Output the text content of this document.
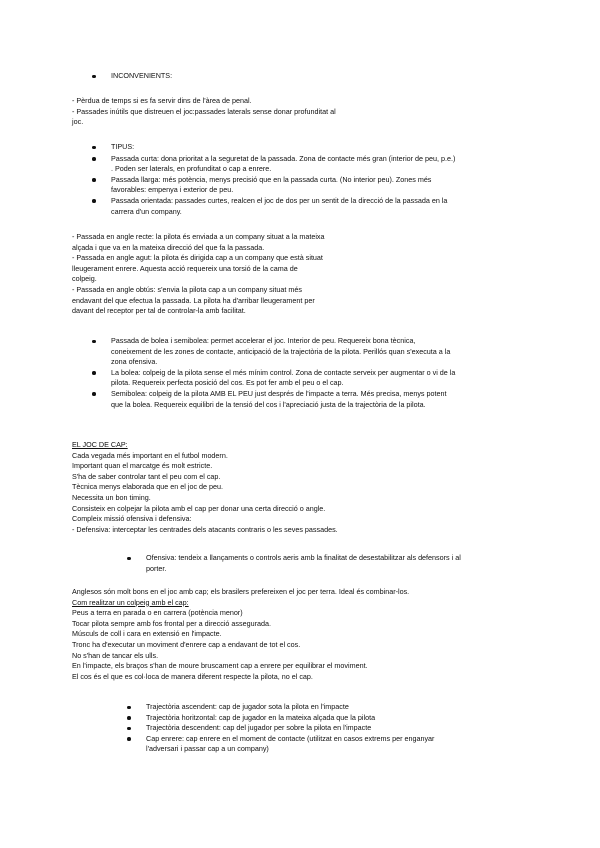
INCONVENIENTS:
- Pèrdua de temps si es fa servir dins de l'àrea de penal.
- Passades inútils que distreuen el joc:passades laterals sense donar profunditat al
joc.
TIPUS:
Passada curta: dona prioritat a la seguretat de la passada. Zona de contacte més gran (interior de peu, p.e.)
. Poden ser laterals, en profunditat o cap a enrere.
Passada llarga: més potència, menys precisió que en la passada curta. (No interior peu). Zones més
favorables: empenya i exterior de peu.
Passada orientada: passades curtes, realcen el joc de dos per un sentit de la direcció de la passada en la
carrera d'un company.
- Passada en angle recte: la pilota és enviada a un company situat a la mateixa
alçada i que va en la mateixa direcció del que fa la passada.
- Passada en angle agut: la pilota és dirigida cap a un company que està situat
lleugerament enrere. Aquesta acció requereix una torsió de la cama de
colpeig.
- Passada en angle obtús: s'envia la pilota cap a un company situat més
endavant del que efectua la passada. La pilota ha d'arribar lleugerament per
davant del receptor per tal de controlar-la amb facilitat.
Passada de bolea i semibolea: permet accelerar el joc. Interior de peu. Requereix bona tècnica,
coneixement de les zones de contacte, anticipació de la trajectòria de la pilota. Perillós quan s'executa a la
zona ofensiva.
La bolea: colpeig de la pilota sense el més mínim control. Zona de contacte serveix per augmentar o vi de la
pilota. Requereix perfecta posició del cos. Es pot fer amb el peu o el cap.
Semibolea: colpeig de la pilota AMB EL PEU just després de l'impacte a terra. Més precisa, menys potent
que la bolea. Requereix equilibri de la tensió del cos i l'apreciació justa de la trajectòria de la pilota.
EL JOC DE CAP:
Cada vegada més important en el futbol modern.
Important quan el marcatge és molt estricte.
S'ha de saber controlar tant el peu com el cap.
Tècnica menys elaborada que en el joc de peu.
Necessita un bon timing.
Consisteix en colpejar la pilota amb el cap per donar una certa direcció o angle.
Compleix missió ofensiva i defensiva:
- Defensiva: interceptar les centrades dels atacants contraris o les seves passades.
Ofensiva: tendeix a llançaments o controls aeris amb la finalitat de desestabilitzar als defensors i al
porter.
Anglesos són molt bons en el joc amb cap; els brasilers prefereixen el joc per terra. Ideal és combinar-los.
Com realitzar un colpeig amb el cap:
Peus a terra en parada o en carrera (potència menor)
Tocar pilota sempre amb fos frontal per a direcció assegurada.
Músculs de coll i cara en extensió en l'impacte.
Tronc ha d'executar un moviment d'enrere cap a endavant de tot el cos.
No s'han de tancar els ulls.
En l'impacte, els braços s'han de moure bruscament cap a enrere per equilibrar el moviment.
El cos és el que es col·loca de manera diferent respecte la pilota, no el cap.
Trajectòria ascendent: cap de jugador sota la pilota en l'impacte
Trajectòria horitzontal: cap de jugador en la mateixa alçada que la pilota
Trajectòria descendent: cap del jugador per sobre la pilota en l'impacte
Cap enrere: cap enrere en el moment de contacte (utilitzat en casos extrems per enganyar
l'adversari i passar cap a un company)
